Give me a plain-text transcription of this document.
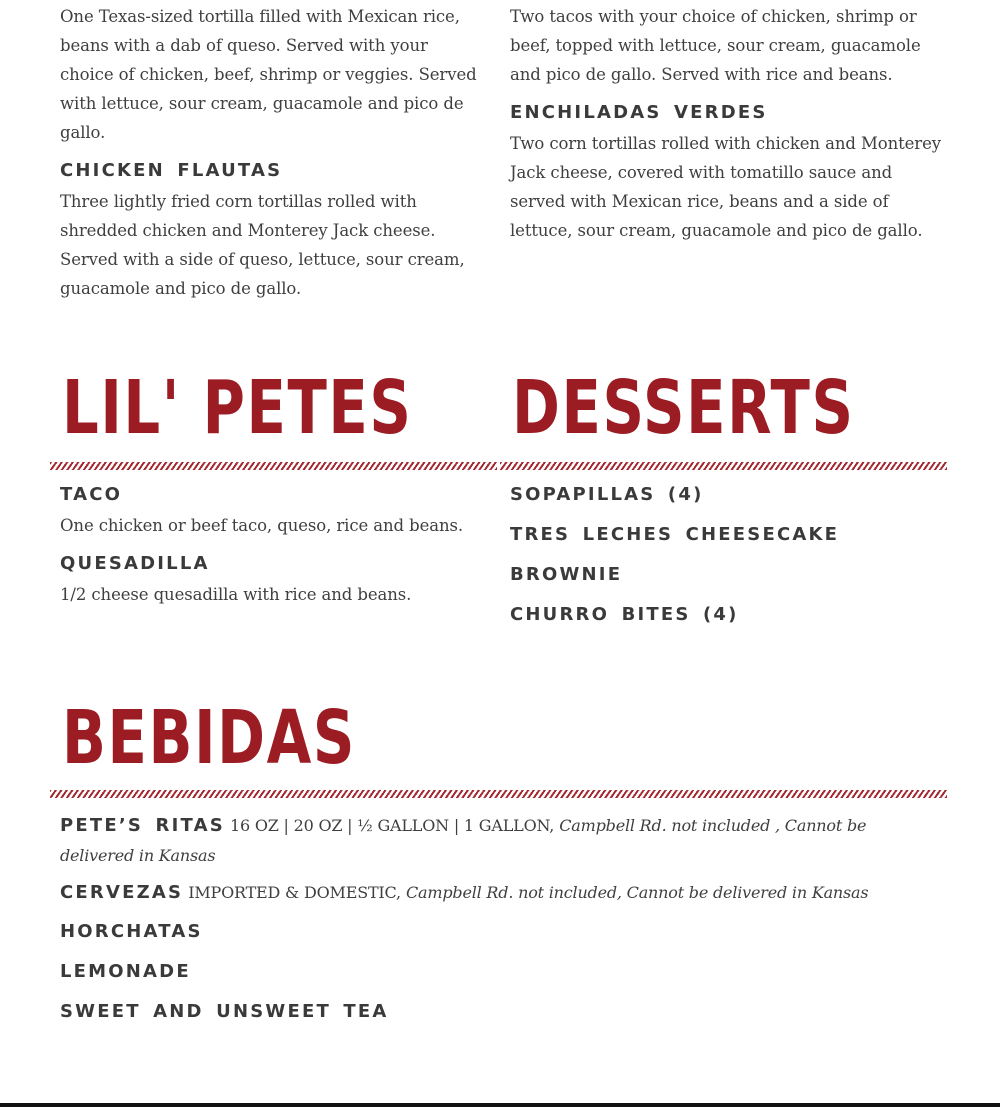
One Texas-sized tortilla filled with Mexican rice, beans with a dab of queso. Served with your choice of chicken, beef, shrimp or veggies. Served with lettuce, sour cream, guacamole and pico de gallo.

CHICKEN FLAUTAS

Three lightly fried corn tortillas rolled with shredded chicken and Monterey Jack cheese. Served with a side of queso, lettuce, sour cream, guacamole and pico de gallo.

Two tacos with your choice of chicken, shrimp or beef, topped with lettuce, sour cream, guacamole and pico de gallo. Served with rice and beans.

ENCHILADAS VERDES

Two corn tortillas rolled with chicken and Monterey Jack cheese, covered with tomatillo sauce and served with Mexican rice, beans and a side of lettuce, sour cream, guacamole and pico de gallo.

LIL' PETES
TACO

One chicken or beef taco, queso, rice and beans.

QUESADILLA

1/2 cheese quesadilla with rice and beans.

DESSERTS
SOPAPILLAS (4)
TRES LECHES CHEESECAKE
BROWNIE
CHURRO BITES (4)
BEBIDAS

PETE’S RITAS 16 OZ | 20 OZ | ½ GALLON | 1 GALLON, Campbell Rd. not included , Cannot be delivered in Kansas

CERVEZAS IMPORTED & DOMESTIC, Campbell Rd. not included, Cannot be delivered in Kansas

HORCHATAS
LEMONADE
SWEET AND UNSWEET TEA
